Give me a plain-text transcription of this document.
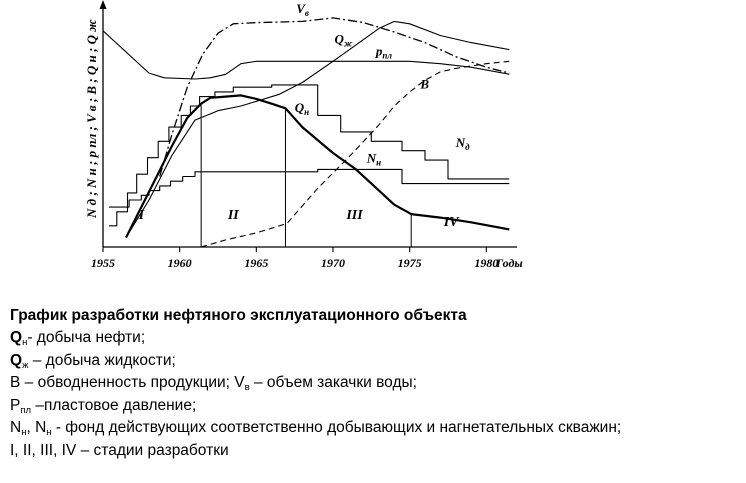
$V_в$
$Q_ж$ $p_{пл}$
B
$Q_н$
$N_д$
$N_н$
I	II	III	IV
1955	1960	1965	1970	1975	1980
Годы
N д ; N н ; p пл ; V в ; B ; Q н ; Q ж
График разработки нефтяного эксплуатационного объекта
$Q_н-$ добыча нефти;
$Q_ж$ – добыча жидкости;
В – обводненность продукции; $V_в$ – объем закачки воды;
$Р_{пл}$ –пластовое давление;
$N_н$, $N_н$ - фонд действующих соответственно добывающих и нагнетательных скважин;
I, II, III, IV – стадии разработки
